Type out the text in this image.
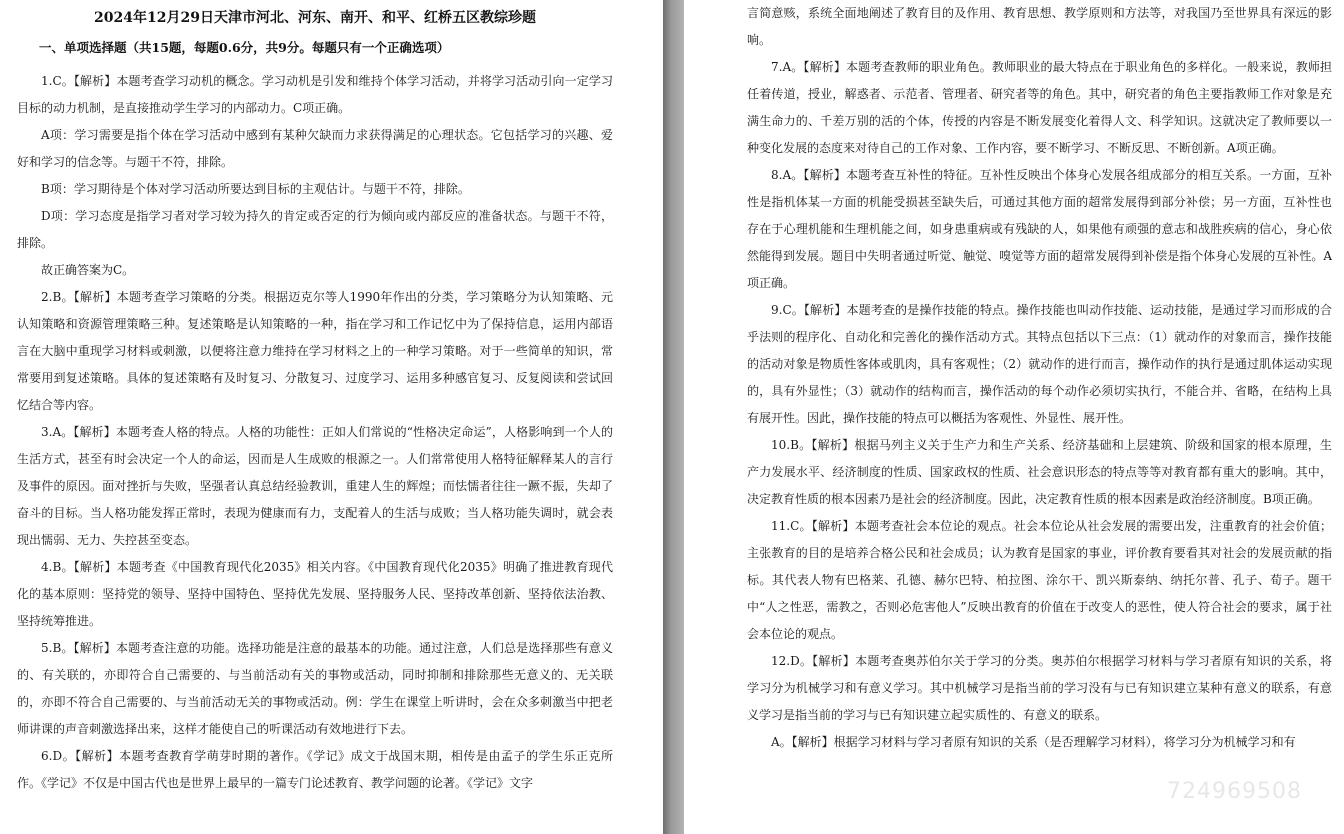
2024年12月29日天津市河北、河东、南开、和平、红桥五区教综珍题
一、单项选择题（共15题，每题0.6分，共9分。每题只有一个正确选项）

1.C。【解析】本题考查学习动机的概念。学习动机是引发和维持个体学习活动，并将学习活动引向一定学习目标的动力机制，是直接推动学生学习的内部动力。C项正确。

A项：学习需要是指个体在学习活动中感到有某种欠缺而力求获得满足的心理状态。它包括学习的兴趣、爱好和学习的信念等。与题干不符，排除。

B项：学习期待是个体对学习活动所要达到目标的主观估计。与题干不符，排除。

D项：学习态度是指学习者对学习较为持久的肯定或否定的行为倾向或内部反应的准备状态。与题干不符，排除。

故正确答案为C。

2.B。【解析】本题考查学习策略的分类。根据迈克尔等人1990年作出的分类，学习策略分为认知策略、元认知策略和资源管理策略三种。复述策略是认知策略的一种，指在学习和工作记忆中为了保持信息，运用内部语言在大脑中重现学习材料或刺激，以便将注意力维持在学习材料之上的一种学习策略。对于一些简单的知识，常常要用到复述策略。具体的复述策略有及时复习、分散复习、过度学习、运用多种感官复习、反复阅读和尝试回忆结合等内容。

3.A。【解析】本题考查人格的特点。人格的功能性：正如人们常说的“性格决定命运”，人格影响到一个人的生活方式，甚至有时会决定一个人的命运，因而是人生成败的根源之一。人们常常使用人格特征解释某人的言行及事件的原因。面对挫折与失败，坚强者认真总结经验教训，重建人生的辉煌；而怯懦者往往一蹶不振，失却了奋斗的目标。当人格功能发挥正常时，表现为健康而有力，支配着人的生活与成败；当人格功能失调时，就会表现出懦弱、无力、失控甚至变态。

4.B。【解析】本题考查《中国教育现代化2035》相关内容。《中国教育现代化2035》明确了推进教育现代化的基本原则：坚持党的领导、坚持中国特色、坚持优先发展、坚持服务人民、坚持改革创新、坚持依法治教、坚持统筹推进。

5.B。【解析】本题考查注意的功能。选择功能是注意的最基本的功能。通过注意，人们总是选择那些有意义的、有关联的，亦即符合自己需要的、与当前活动有关的事物或活动，同时抑制和排除那些无意义的、无关联的，亦即不符合自己需要的、与当前活动无关的事物或活动。例：学生在课堂上听讲时，会在众多刺激当中把老师讲课的声音刺激选择出来，这样才能使自己的听课活动有效地进行下去。

6.D。【解析】本题考查教育学萌芽时期的著作。《学记》成文于战国末期，相传是由孟子的学生乐正克所作。《学记》不仅是中国古代也是世界上最早的一篇专门论述教育、教学问题的论著。《学记》文字

言简意赅，系统全面地阐述了教育目的及作用、教育思想、教学原则和方法等，对我国乃至世界具有深远的影响。

7.A。【解析】本题考查教师的职业角色。教师职业的最大特点在于职业角色的多样化。一般来说，教师担任着传道，授业，解惑者、示范者、管理者、研究者等的角色。其中，研究者的角色主要指教师工作对象是充满生命力的、千差万别的活的个体，传授的内容是不断发展变化着得人文、科学知识。这就决定了教师要以一种变化发展的态度来对待自己的工作对象、工作内容，要不断学习、不断反思、不断创新。A项正确。

8.A。【解析】本题考查互补性的特征。互补性反映出个体身心发展各组成部分的相互关系。一方面，互补性是指机体某一方面的机能受损甚至缺失后，可通过其他方面的超常发展得到部分补偿；另一方面，互补性也存在于心理机能和生理机能之间，如身患重病或有残缺的人，如果他有顽强的意志和战胜疾病的信心，身心依然能得到发展。题目中失明者通过听觉、触觉、嗅觉等方面的超常发展得到补偿是指个体身心发展的互补性。A项正确。

9.C。【解析】本题考查的是操作技能的特点。操作技能也叫动作技能、运动技能，是通过学习而形成的合乎法则的程序化、自动化和完善化的操作活动方式。其特点包括以下三点：（1）就动作的对象而言，操作技能的活动对象是物质性客体或肌肉，具有客观性；（2）就动作的进行而言，操作动作的执行是通过肌体运动实现的，具有外显性；（3）就动作的结构而言，操作活动的每个动作必须切实执行，不能合并、省略，在结构上具有展开性。因此，操作技能的特点可以概括为客观性、外显性、展开性。

10.B。【解析】根据马列主义关于生产力和生产关系、经济基础和上层建筑、阶级和国家的根本原理，生产力发展水平、经济制度的性质、国家政权的性质、社会意识形态的特点等等对教育都有重大的影响。其中，决定教育性质的根本因素乃是社会的经济制度。因此，决定教育性质的根本因素是政治经济制度。B项正确。

11.C。【解析】本题考查社会本位论的观点。社会本位论从社会发展的需要出发，注重教育的社会价值；主张教育的目的是培养合格公民和社会成员；认为教育是国家的事业，评价教育要看其对社会的发展贡献的指标。其代表人物有巴格莱、孔德、赫尔巴特、柏拉图、涂尔干、凯兴斯泰纳、纳托尔普、孔子、荀子。题干中“人之性恶，需教之，否则必危害他人”反映出教育的价值在于改变人的恶性，使人符合社会的要求，属于社会本位论的观点。

12.D。【解析】本题考查奥苏伯尔关于学习的分类。奥苏伯尔根据学习材料与学习者原有知识的关系，将学习分为机械学习和有意义学习。其中机械学习是指当前的学习没有与已有知识建立某种有意义的联系，有意义学习是指当前的学习与已有知识建立起实质性的、有意义的联系。

A。【解析】根据学习材料与学习者原有知识的关系（是否理解学习材料），将学习分为机械学习和有

724969508
